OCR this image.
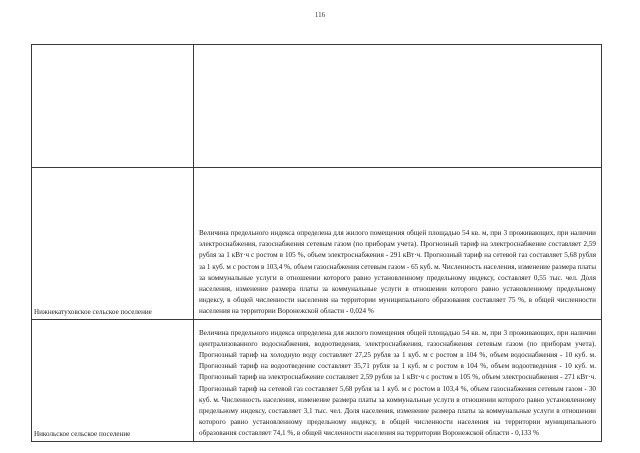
116

Нижнекатуховское сельское поселение	Величина предельного индекса определена для жилого помещения общей площадью 54 кв. м, при 3 проживающих, при наличии электроснабжения, газоснабжения сетевым газом (по приборам учета). Прогнозный тариф на электроснабжение составляет 2,59 рубля за 1 кВт·ч с ростом в 105 %, объем электроснабжения - 291 кВт·ч. Прогнозный тариф на сетевой газ составляет 5,68 рубля за 1 куб. м с ростом в 103,4 %, объем газоснабжения сетевым газом - 65 куб. м. Численность населения, изменение размера платы за коммунальные услуги в отношении которого равно установленному предельному индексу, составляет 0,55 тыс. чел. Доля населения, изменение размера платы за коммунальные услуги в отношении которого равно установленному предельному индексу, в общей численности населения на территории муниципального образования составляет 75 %, в общей численности населения на территории Воронежской области - 0,024 %
Никольское сельское поселение	Величина предельного индекса определена для жилого помещения общей площадью 54 кв. м, при 3 проживающих, при наличии централизованного водоснабжения, водоотведения, электроснабжения, газоснабжения сетевым газом (по приборам учета). Прогнозный тариф на холодную воду составляет 27,25 рубля за 1 куб. м с ростом в 104 %, объем водоснабжения - 10 куб. м. Прогнозный тариф на водоотведение составляет 35,71 рубля за 1 куб. м с ростом в 104 %, объем водоотведения - 10 куб. м. Прогнозный тариф на электроснабжение составляет 2,59 рубля за 1 кВт·ч с ростом в 105 %, объем электроснабжения - 271 кВт·ч. Прогнозный тариф на сетевой газ составляет 5,68 рубля за 1 куб. м с ростом в 103,4 %, объем газоснабжения сетевым газом - 30 куб. м. Численность населения, изменение размера платы за коммунальные услуги в отношении которого равно установленному предельному индексу, составляет 3,1 тыс. чел. Доля населения, изменение размера платы за коммунальные услуги в отношении которого равно установленному предельному индексу, в общей численности населения на территории муниципального образования составляет 74,1 %, в общей численности населения на территории Воронежской области - 0,133 %
